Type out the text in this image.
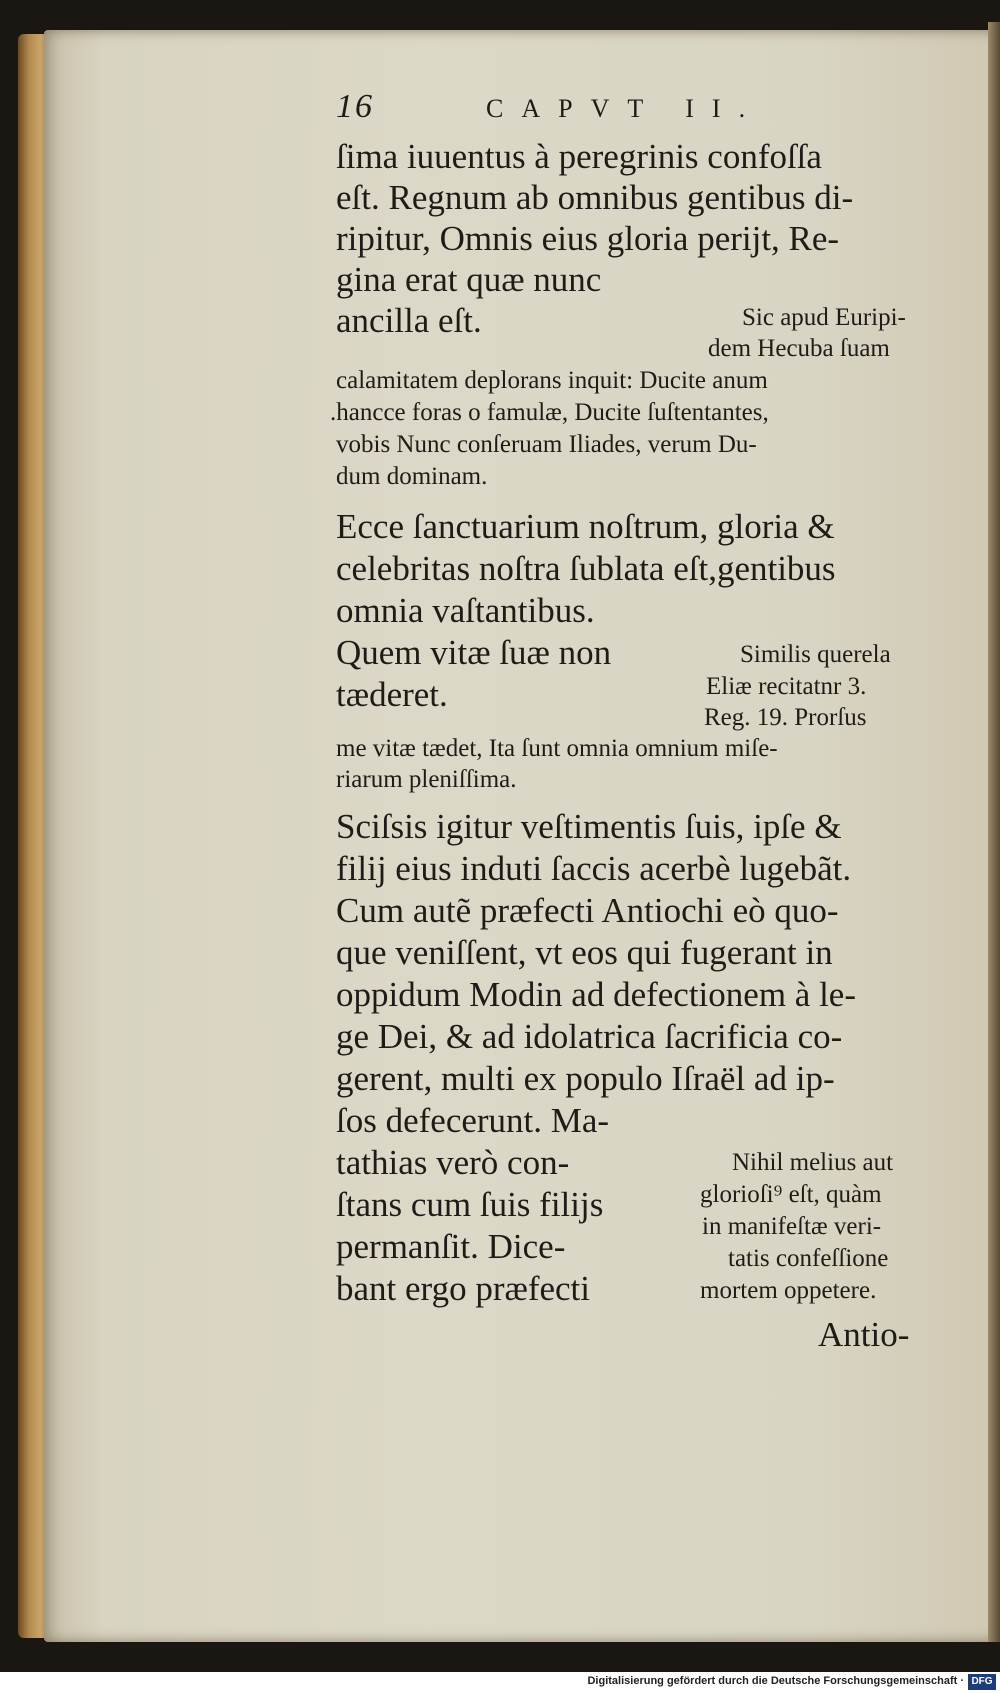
16	CAPVT II.
ſima iuuentus à peregrinis confoſſa
eſt. Regnum ab omnibus gentibus di-
ripitur, Omnis eius gloria perijt, Re-
gina erat quæ nunc
ancilla eſt.	Sic apud Euripi-
dem Hecuba ſuam
calamitatem deplorans inquit: Ducite anum
.hancce foras o famulæ, Ducite ſuſtentantes,
vobis Nunc conſeruam Iliades, verum Du-
dum dominam.
Ecce ſanctuarium noſtrum, gloria &
celebritas noſtra ſublata eſt,gentibus
omnia vaſtantibus.
Quem vitæ ſuæ non
tæderet.
Similis querela
Eliæ recitatnr 3.
Reg. 19. Prorſus
me vitæ tædet, Ita ſunt omnia omnium miſe-
riarum pleniſſima.
Sciſsis igitur veſtimentis ſuis, ipſe &
filij eius induti ſaccis acerbè lugebãt.
Cum autẽ præfecti Antiochi eò quo-
que veniſſent, vt eos qui fugerant in
oppidum Modin ad defectionem à le-
ge Dei, & ad idolatrica ſacrificia co-
gerent, multi ex populo Iſraël ad ip-
ſos defecerunt. Ma-
tathias verò con-
ſtans cum ſuis filijs
permanſit. Dice-
bant ergo præfecti
Nihil melius aut
glorioſi⁹ eſt, quàm
in manifeſtæ veri-
tatis confeſſione
mortem oppetere.
Antio-
Digitalisierung gefördert durch die Deutsche Forschungsgemeinschaft · DFG
